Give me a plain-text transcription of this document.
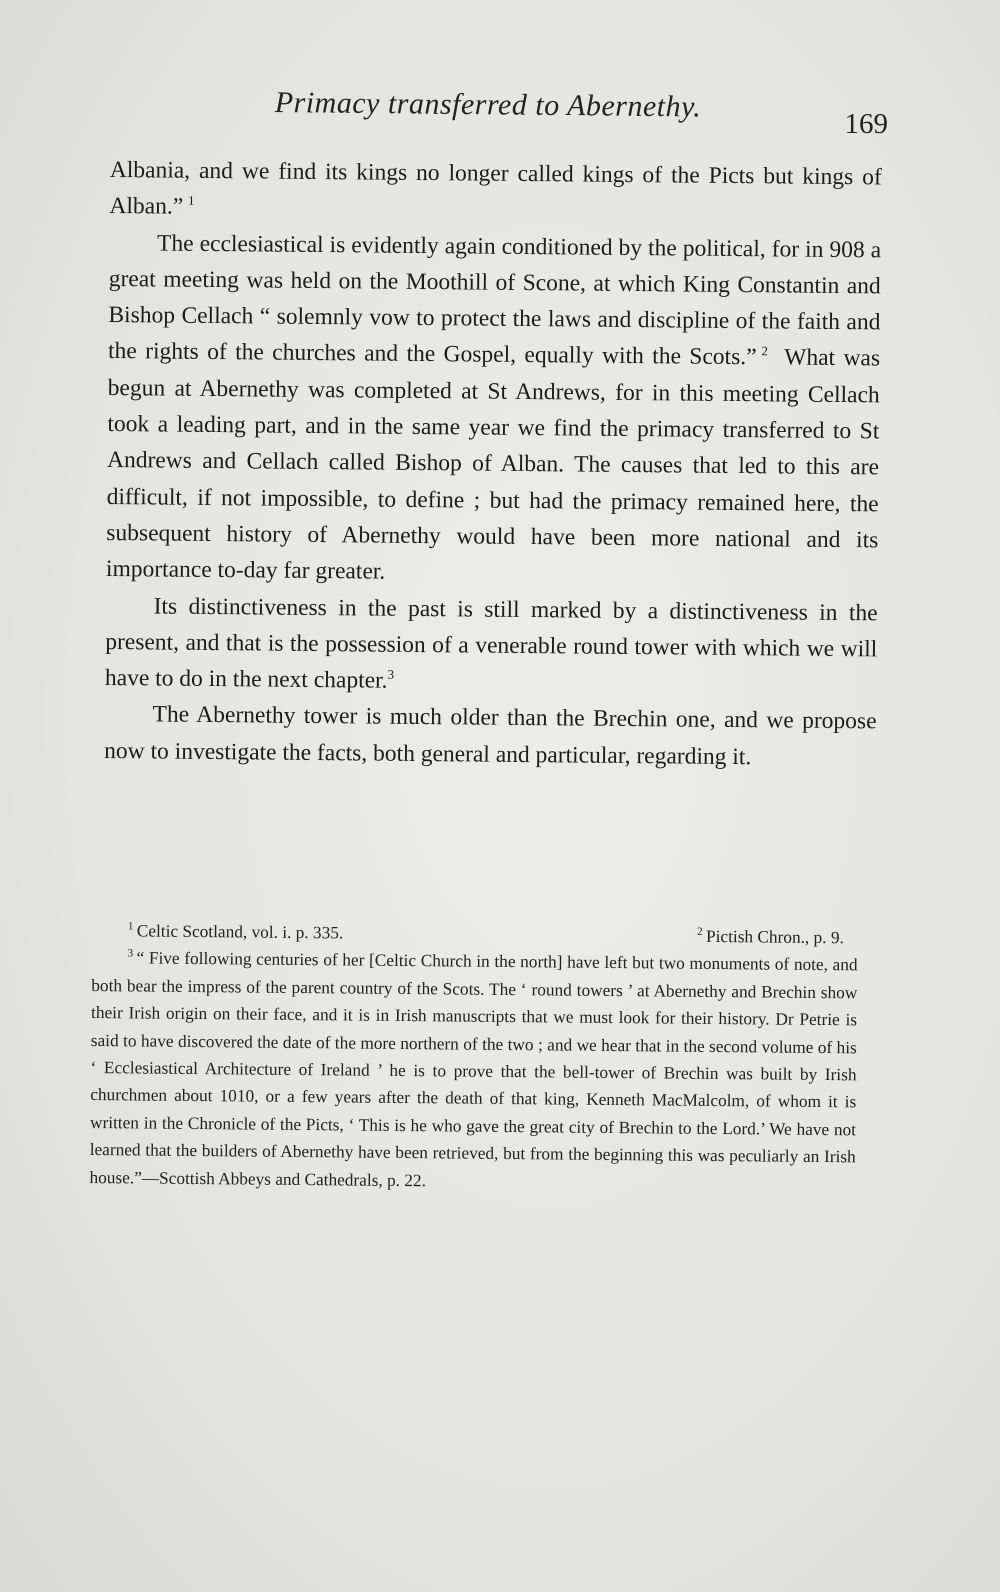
Primacy transferred to Abernethy.
169

Albania, and we find its kings no longer called kings of the Picts but kings of Alban.”  $^1$

The ecclesiastical is evidently again conditioned by the political, for in 908 a great meeting was held on the Moothill of Scone, at which King Constantin and Bishop Cellach “ solemnly vow to protect the laws and discipline of the faith and the rights of the churches and the Gospel, equally with the Scots.”  $^2$ What was begun at Abernethy was completed at St Andrews, for in this meeting Cellach took a leading part, and in the same year we find the primacy transferred to St Andrews and Cellach called Bishop of Alban. The causes that led to this are difficult, if not impossible, to define ; but had the primacy remained here, the subsequent history of Abernethy would have been more national and its importance to-day far greater.

Its distinctiveness in the past is still marked by a distinctiveness in the present, and that is the possession of a venerable round tower with which we will have to do in the next chapter.$^3$

The Abernethy tower is much older than the Brechin one, and we propose now to investigate the facts, both general and particular, regarding it.

$^1$  Celtic Scotland, vol. i. p. 335.	$^2$  Pictish Chron., p. 9.

$^3$  “ Five following centuries of her [Celtic Church in the north] have left but two monuments of note, and both bear the impress of the parent country of the Scots. The ‘ round towers ’ at Abernethy and Brechin show their Irish origin on their face, and it is in Irish manuscripts that we must look for their history. Dr Petrie is said to have discovered the date of the more northern of the two ; and we hear that in the second volume of his ‘ Ecclesiastical Architecture of Ireland ’ he is to prove that the bell-tower of Brechin was built by Irish churchmen about 1010, or a few years after the death of that king, Kenneth MacMalcolm, of whom it is written in the Chronicle of the Picts, ‘ This is he who gave the great city of Brechin to the Lord.’ We have not learned that the builders of Abernethy have been retrieved, but from the beginning this was peculiarly an Irish house.”—Scottish Abbeys and Cathedrals, p. 22.
